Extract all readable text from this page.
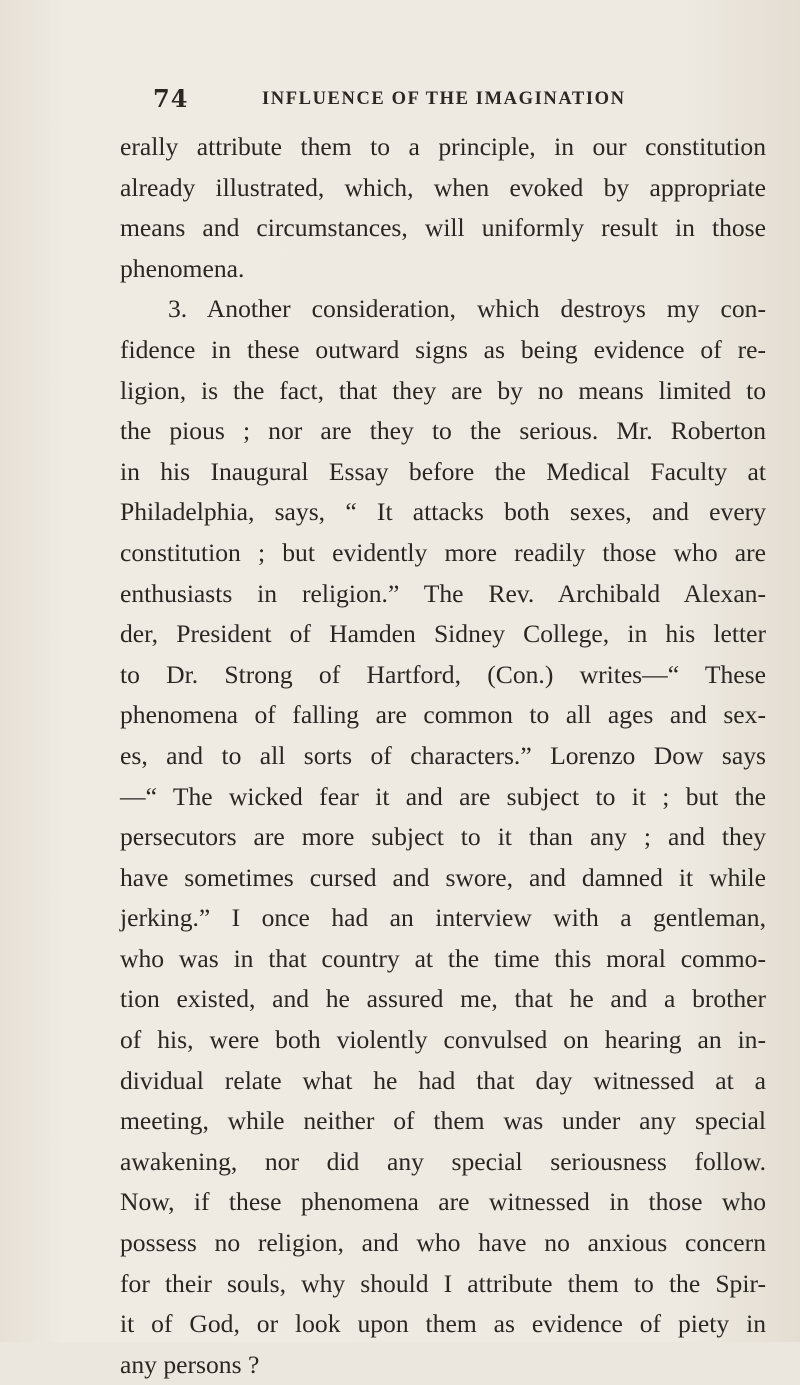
74	INFLUENCE OF THE IMAGINATION
erally attribute them to a principle, in our constitution
already illustrated, which, when evoked by appropriate
means and circumstances, will uniformly result in those
phenomena.
3. Another consideration, which destroys my con-
fidence in these outward signs as being evidence of re-
ligion, is the fact, that they are by no means limited to
the pious ; nor are they to the serious. Mr. Roberton
in his Inaugural Essay before the Medical Faculty at
Philadelphia, says, “ It attacks both sexes, and every
constitution ; but evidently more readily those who are
enthusiasts in religion.” The Rev. Archibald Alexan-
der, President of Hamden Sidney College, in his letter
to Dr. Strong of Hartford, (Con.) writes—“ These
phenomena of falling are common to all ages and sex-
es, and to all sorts of characters.” Lorenzo Dow says
—“ The wicked fear it and are subject to it ; but the
persecutors are more subject to it than any ; and they
have sometimes cursed and swore, and damned it while
jerking.” I once had an interview with a gentleman,
who was in that country at the time this moral commo-
tion existed, and he assured me, that he and a brother
of his, were both violently convulsed on hearing an in-
dividual relate what he had that day witnessed at a
meeting, while neither of them was under any special
awakening, nor did any special seriousness follow.
Now, if these phenomena are witnessed in those who
possess no religion, and who have no anxious concern
for their souls, why should I attribute them to the Spir-
it of God, or look upon them as evidence of piety in
any persons ?
